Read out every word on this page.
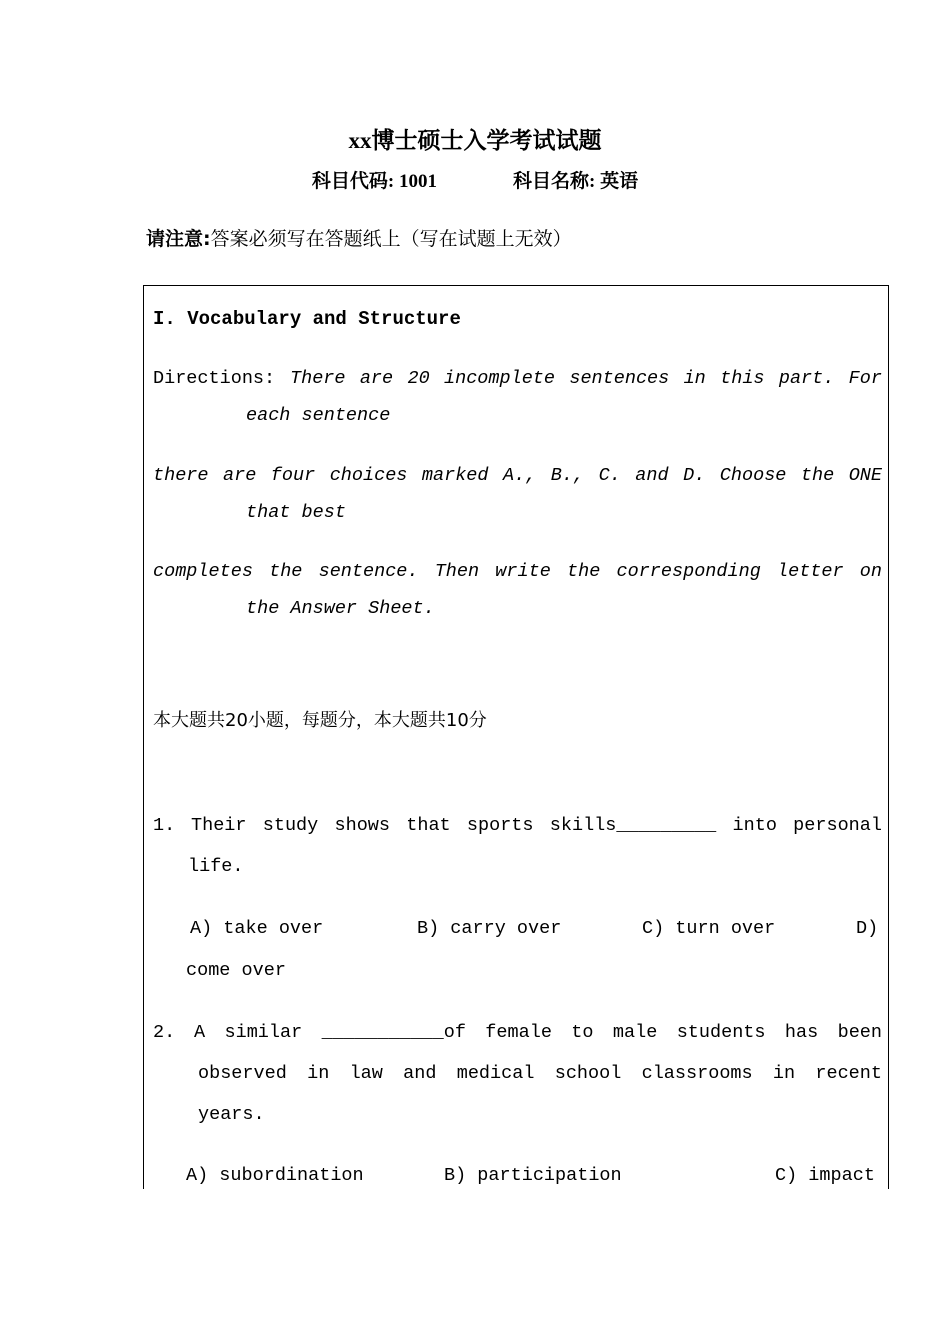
xx博士硕士入学考试试题
科目代码: 1001	科目名称: 英语
请注意:答案必须写在答题纸上（写在试题上无效）
I. Vocabulary and Structure
Directions: There are 20 incomplete sentences in this part. For
each sentence
there are four choices marked A., B., C. and D. Choose the ONE
that best
completes the sentence. Then write the corresponding letter on
the Answer Sheet.
本大题共20小题，每题分，本大题共10分
1. Their study shows that sports skills_________ into personal
life.
A) take over	B) carry over	C) turn over	D)
come over
2. A similar ___________of female to male students has been
observed in law and medical school classrooms in recent
years.
A) subordination	B) participation	C) impact
